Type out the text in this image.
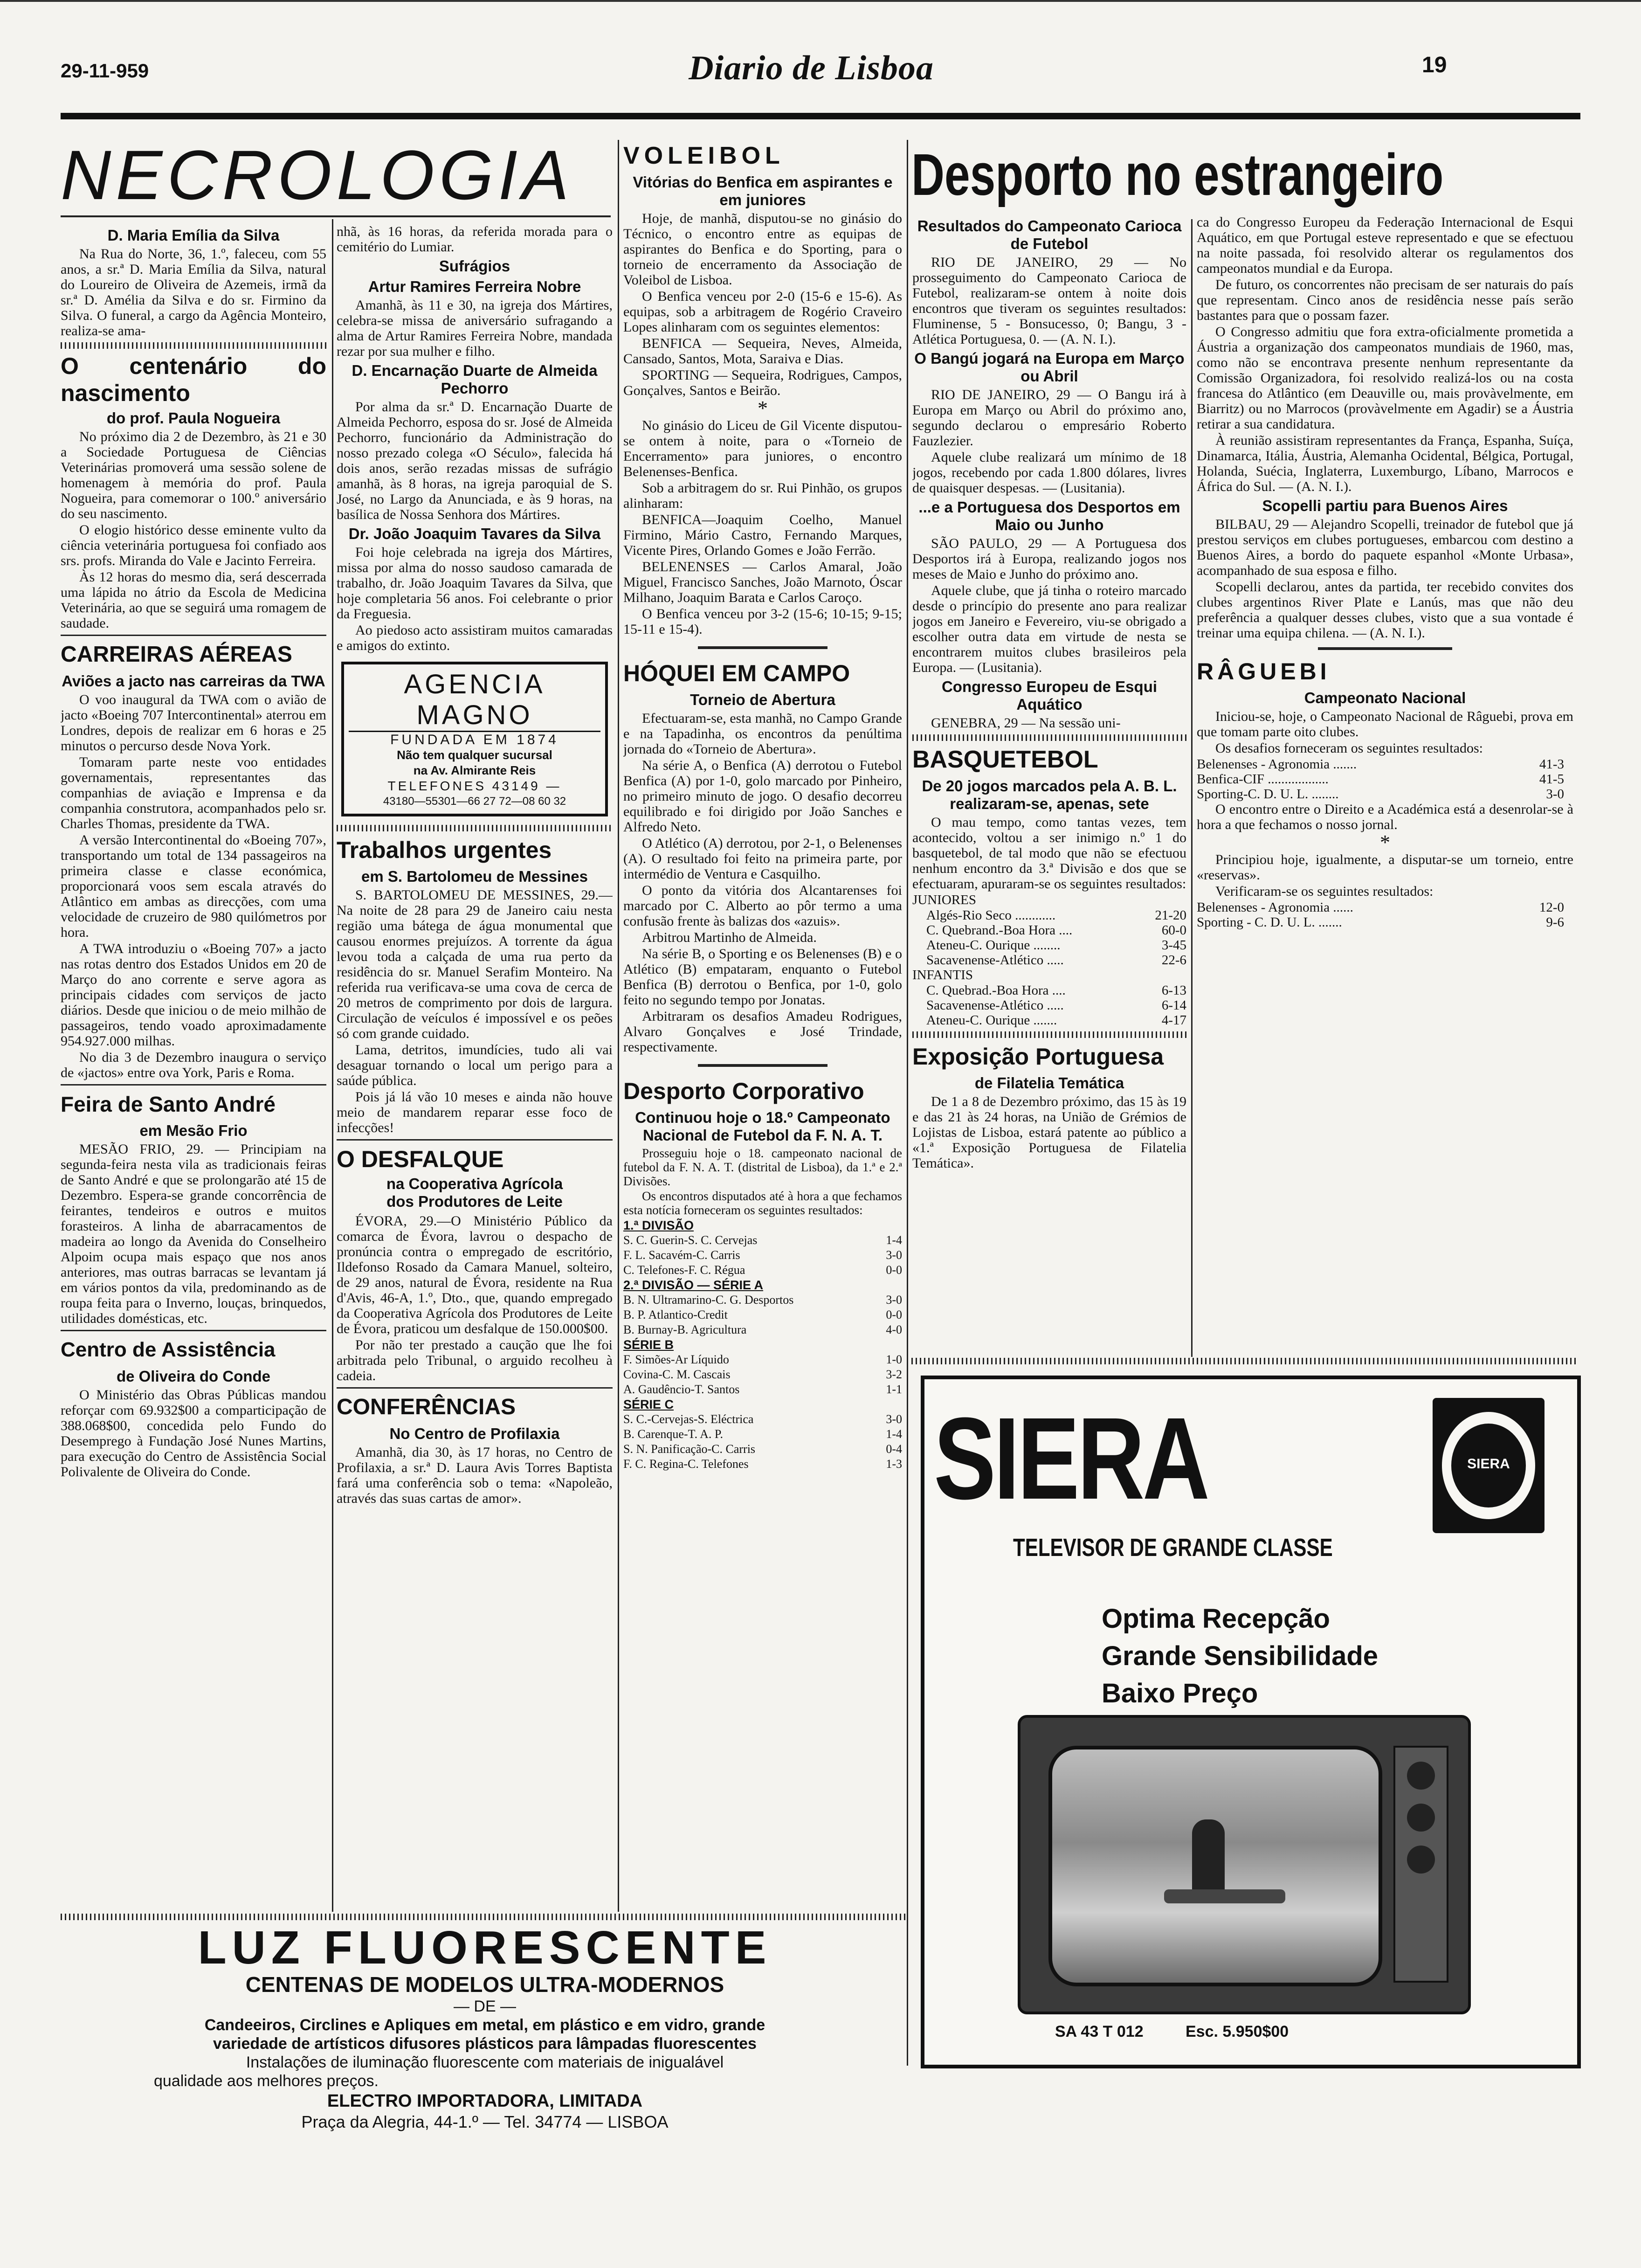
29-11-959	Diario de Lisboa	19
NECROLOGIA
D. Maria Emília da Silva

Na Rua do Norte, 36, 1.º, faleceu, com 55 anos, a sr.ª D. Maria Emília da Silva, natural do Loureiro de Oliveira de Azemeis, irmã da sr.ª D. Amélia da Silva e do sr. Firmino da Silva. O funeral, a cargo da Agência Monteiro, realiza-se ama-

O centenário do nascimento
do prof. Paula Nogueira

No próximo dia 2 de Dezembro, às 21 e 30 a Sociedade Portuguesa de Ciências Veterinárias promoverá uma sessão solene de homenagem à memória do prof. Paula Nogueira, para comemorar o 100.º aniversário do seu nascimento.

O elogio histórico desse eminente vulto da ciência veterinária portuguesa foi confiado aos srs. profs. Miranda do Vale e Jacinto Ferreira.

Às 12 horas do mesmo dia, será descerrada uma lápida no átrio da Escola de Medicina Veterinária, ao que se seguirá uma romagem de saudade.

CARREIRAS AÉREAS
Aviões a jacto nas carreiras da TWA

O voo inaugural da TWA com o avião de jacto «Boeing 707 Intercontinental» aterrou em Londres, depois de realizar em 6 horas e 25 minutos o percurso desde Nova York.

Tomaram parte neste voo entidades governamentais, representantes das companhias de aviação e Imprensa e da companhia construtora, acompanhados pelo sr. Charles Thomas, presidente da TWA.

A versão Intercontinental do «Boeing 707», transportando um total de 134 passageiros na primeira classe e classe económica, proporcionará voos sem escala através do Atlântico em ambas as direcções, com uma velocidade de cruzeiro de 980 quilómetros por hora.

A TWA introduziu o «Boeing 707» a jacto nas rotas dentro dos Estados Unidos em 20 de Março do ano corrente e serve agora as principais cidades com serviços de jacto diários. Desde que iniciou o de meio milhão de passageiros, tendo voado aproximadamente 954.927.000 milhas.

No dia 3 de Dezembro inaugura o serviço de «jactos» entre ova York, Paris e Roma.

Feira de Santo André
em Mesão Frio

MESÃO FRIO, 29. — Principiam na segunda-feira nesta vila as tradicionais feiras de Santo André e que se prolongarão até 15 de Dezembro. Espera-se grande concorrência de feirantes, tendeiros e outros e muitos forasteiros. A linha de abarracamentos de madeira ao longo da Avenida do Conselheiro Alpoim ocupa mais espaço que nos anos anteriores, mas outras barracas se levantam já em vários pontos da vila, predominando as de roupa feita para o Inverno, louças, brinquedos, utilidades domésticas, etc.

Centro de Assistência
de Oliveira do Conde

O Ministério das Obras Públicas mandou reforçar com 69.932$00 a comparticipação de 388.068$00, concedida pelo Fundo do Desemprego à Fundação José Nunes Martins, para execução do Centro de Assistência Social Polivalente de Oliveira do Conde.

nhã, às 16 horas, da referida morada para o cemitério do Lumiar.

Sufrágios
Artur Ramires Ferreira Nobre

Amanhã, às 11 e 30, na igreja dos Mártires, celebra-se missa de aniversário sufragando a alma de Artur Ramires Ferreira Nobre, mandada rezar por sua mulher e filho.

D. Encarnação Duarte de Almeida Pechorro

Por alma da sr.ª D. Encarnação Duarte de Almeida Pechorro, esposa do sr. José de Almeida Pechorro, funcionário da Administração do nosso prezado colega «O Século», falecida há dois anos, serão rezadas missas de sufrágio amanhã, às 8 horas, na igreja paroquial de S. José, no Largo da Anunciada, e às 9 horas, na basílica de Nossa Senhora dos Mártires.

Dr. João Joaquim Tavares da Silva

Foi hoje celebrada na igreja dos Mártires, missa por alma do nosso saudoso camarada de trabalho, dr. João Joaquim Tavares da Silva, que hoje completaria 56 anos. Foi celebrante o prior da Freguesia.

Ao piedoso acto assistiram muitos camaradas e amigos do extinto.

AGENCIA MAGNO
FUNDADA EM 1874
Não tem qualquer sucursal
na Av. Almirante Reis
TELEFONES 43149 —
43180—55301—66 27 72—08 60 32
Trabalhos urgentes
em S. Bartolomeu de Messines

S. BARTOLOMEU DE MESSINES, 29.—Na noite de 28 para 29 de Janeiro caiu nesta região uma bátega de água monumental que causou enormes prejuízos. A torrente da água levou toda a calçada de uma rua perto da residência do sr. Manuel Serafim Monteiro. Na referida rua verificava-se uma cova de cerca de 20 metros de comprimento por dois de largura. Circulação de veículos é impossível e os peões só com grande cuidado.

Lama, detritos, imundícies, tudo ali vai desaguar tornando o local um perigo para a saúde pública.

Pois já lá vão 10 meses e ainda não houve meio de mandarem reparar esse foco de infecções!

O DESFALQUE
na Cooperativa Agrícola
dos Produtores de Leite

ÉVORA, 29.—O Ministério Público da comarca de Évora, lavrou o despacho de pronúncia contra o empregado de escritório, Ildefonso Rosado da Camara Manuel, solteiro, de 29 anos, natural de Évora, residente na Rua d'Avis, 46-A, 1.º, Dto., que, quando empregado da Cooperativa Agrícola dos Produtores de Leite de Évora, praticou um desfalque de 150.000$00.

Por não ter prestado a caução que lhe foi arbitrada pelo Tribunal, o arguido recolheu à cadeia.

CONFERÊNCIAS
No Centro de Profilaxia

Amanhã, dia 30, às 17 horas, no Centro de Profilaxia, a sr.ª D. Laura Avis Torres Baptista fará uma conferência sob o tema: «Napoleão, através das suas cartas de amor».

VOLEIBOL
Vitórias do Benfica em aspirantes e em juniores

Hoje, de manhã, disputou-se no ginásio do Técnico, o encontro entre as equipas de aspirantes do Benfica e do Sporting, para o torneio de encerramento da Associação de Voleibol de Lisboa.

O Benfica venceu por 2-0 (15-6 e 15-6). As equipas, sob a arbitragem de Rogério Craveiro Lopes alinharam com os seguintes elementos:

BENFICA — Sequeira, Neves, Almeida, Cansado, Santos, Mota, Saraiva e Dias.

SPORTING — Sequeira, Rodrigues, Campos, Gonçalves, Santos e Beirão.

*

No ginásio do Liceu de Gil Vicente disputou-se ontem à noite, para o «Torneio de Encerramento» para juniores, o encontro Belenenses-Benfica.

Sob a arbitragem do sr. Rui Pinhão, os grupos alinharam:

BENFICA—Joaquim Coelho, Manuel Firmino, Mário Castro, Fernando Marques, Vicente Pires, Orlando Gomes e João Ferrão.

BELENENSES — Carlos Amaral, João Miguel, Francisco Sanches, João Marnoto, Óscar Milhano, Joaquim Barata e Carlos Caroço.

O Benfica venceu por 3-2 (15-6; 10-15; 9-15; 15-11 e 15-4).

HÓQUEI EM CAMPO
Torneio de Abertura

Efectuaram-se, esta manhã, no Campo Grande e na Tapadinha, os encontros da penúltima jornada do «Torneio de Abertura».

Na série A, o Benfica (A) derrotou o Futebol Benfica (A) por 1-0, golo marcado por Pinheiro, no primeiro minuto de jogo. O desafio decorreu equilibrado e foi dirigido por João Sanches e Alfredo Neto.

O Atlético (A) derrotou, por 2-1, o Belenenses (A). O resultado foi feito na primeira parte, por intermédio de Ventura e Casquilho.

O ponto da vitória dos Alcantarenses foi marcado por C. Alberto ao pôr termo a uma confusão frente às balizas dos «azuis».

Arbitrou Martinho de Almeida.

Na série B, o Sporting e os Belenenses (B) e o Atlético (B) empataram, enquanto o Futebol Benfica (B) derrotou o Benfica, por 1-0, golo feito no segundo tempo por Jonatas.

Arbitraram os desafios Amadeu Rodrigues, Alvaro Gonçalves e José Trindade, respectivamente.

Desporto Corporativo
Continuou hoje o 18.º Campeonato Nacional de Futebol da F. N. A. T.

Prosseguiu hoje o 18. campeonato nacional de futebol da F. N. A. T. (distrital de Lisboa), da 1.ª e 2.ª Divisões.

Os encontros disputados até à hora a que fechamos esta notícia forneceram os seguintes resultados:

1.ª DIVISÃO
S. C. Guerin-S. C. Cervejas	1-4
F. L. Sacavém-C. Carris	3-0
C. Telefones-F. C. Régua	0-0
2.ª DIVISÃO — SÉRIE A
B. N. Ultramarino-C. G. Desportos	3-0
B. P. Atlantico-Credit	0-0
B. Burnay-B. Agricultura	4-0
SÉRIE B
F. Simões-Ar Líquido	1-0
Covina-C. M. Cascais	3-2
A. Gaudêncio-T. Santos	1-1
SÉRIE C
S. C.-Cervejas-S. Eléctrica	3-0
B. Carenque-T. A. P.	1-4
S. N. Panificação-C. Carris	0-4
F. C. Regina-C. Telefones	1-3
Desporto no estrangeiro
Resultados do Campeonato Carioca de Futebol

RIO DE JANEIRO, 29 — No prosseguimento do Campeonato Carioca de Futebol, realizaram-se ontem à noite dois encontros que tiveram os seguintes resultados: Fluminense, 5 - Bonsucesso, 0; Bangu, 3 - Atlética Portuguesa, 0. — (A. N. I.).

O Bangú jogará na Europa em Março ou Abril

RIO DE JANEIRO, 29 — O Bangu irá à Europa em Março ou Abril do próximo ano, segundo declarou o empresário Roberto Fauzlezier.

Aquele clube realizará um mínimo de 18 jogos, recebendo por cada 1.800 dólares, livres de quaisquer despesas. — (Lusitania).

...e a Portuguesa dos Desportos em Maio ou Junho

SÃO PAULO, 29 — A Portuguesa dos Desportos irá à Europa, realizando jogos nos meses de Maio e Junho do próximo ano.

Aquele clube, que já tinha o roteiro marcado desde o princípio do presente ano para realizar jogos em Janeiro e Fevereiro, viu-se obrigado a escolher outra data em virtude de nesta se encontrarem muitos clubes brasileiros pela Europa. — (Lusitania).

Congresso Europeu de Esqui Aquático

GENEBRA, 29 — Na sessão uni-

BASQUETEBOL
De 20 jogos marcados pela A. B. L. realizaram-se, apenas, sete

O mau tempo, como tantas vezes, tem acontecido, voltou a ser inimigo n.º 1 do basquetebol, de tal modo que não se efectuou nenhum encontro da 3.ª Divisão e dos que se efectuaram, apuraram-se os seguintes resultados:

JUNIORES
Algés-Rio Seco ............	21-20
C. Quebrand.-Boa Hora ....	60-0
Ateneu-C. Ourique ........	3-45
Sacavenense-Atlético .....	22-6
INFANTIS
C. Quebrad.-Boa Hora ....	6-13
Sacavenense-Atlético .....	6-14
Ateneu-C. Ourique .......	4-17
Exposição Portuguesa
de Filatelia Temática

De 1 a 8 de Dezembro próximo, das 15 às 19 e das 21 às 24 horas, na União de Grémios de Lojistas de Lisboa, estará patente ao público a «1.ª Exposição Portuguesa de Filatelia Temática».

ca do Congresso Europeu da Federação Internacional de Esqui Aquático, em que Portugal esteve representado e que se efectuou na noite passada, foi resolvido alterar os regulamentos dos campeonatos mundial e da Europa.

De futuro, os concorrentes não precisam de ser naturais do país que representam. Cinco anos de residência nesse país serão bastantes para que o possam fazer.

O Congresso admitiu que fora extra-oficialmente prometida a Áustria a organização dos campeonatos mundiais de 1960, mas, como não se encontrava presente nenhum representante da Comissão Organizadora, foi resolvido realizá-los ou na costa francesa do Atlântico (em Deauville ou, mais provàvelmente, em Biarritz) ou no Marrocos (provàvelmente em Agadir) se a Áustria retirar a sua candidatura.

À reunião assistiram representantes da França, Espanha, Suíça, Dinamarca, Itália, Áustria, Alemanha Ocidental, Bélgica, Portugal, Holanda, Suécia, Inglaterra, Luxemburgo, Líbano, Marrocos e África do Sul. — (A. N. I.).

Scopelli partiu para Buenos Aires

BILBAU, 29 — Alejandro Scopelli, treinador de futebol que já prestou serviços em clubes portugueses, embarcou com destino a Buenos Aires, a bordo do paquete espanhol «Monte Urbasa», acompanhado de sua esposa e filho.

Scopelli declarou, antes da partida, ter recebido convites dos clubes argentinos River Plate e Lanús, mas que não deu preferência a qualquer desses clubes, visto que a sua vontade é treinar uma equipa chilena. — (A. N. I.).

RÂGUEBI
Campeonato Nacional

Iniciou-se, hoje, o Campeonato Nacional de Râguebi, prova em que tomam parte oito clubes.

Os desafios forneceram os seguintes resultados:

Belenenses - Agronomia .......	41-3
Benfica-CIF ..................	41-5
Sporting-C. D. U. L. ........	3-0

O encontro entre o Direito e a Académica está a desenrolar-se à hora a que fechamos o nosso jornal.

*

Principiou hoje, igualmente, a disputar-se um torneio, entre «reservas».

Verificaram-se os seguintes resultados:

Belenenses - Agronomia ......	12-0
Sporting - C. D. U. L. .......	9-6
SIERA
TELEVISOR DE GRANDE CLASSE
SIERA
Optima Recepção
Grande Sensibilidade
Baixo Preço
SA 43 T 012	Esc. 5.950$00
LUZ FLUORESCENTE
CENTENAS DE MODELOS ULTRA-MODERNOS
— DE —
Candeeiros, Circlines e Apliques em metal, em plástico e em vidro, grande
variedade de artísticos difusores plásticos para lâmpadas fluorescentes
Instalações de iluminação fluorescente com materiais de inigualável
qualidade aos melhores preços.
ELECTRO IMPORTADORA, LIMITADA
Praça da Alegria, 44-1.º — Tel. 34774 — LISBOA
